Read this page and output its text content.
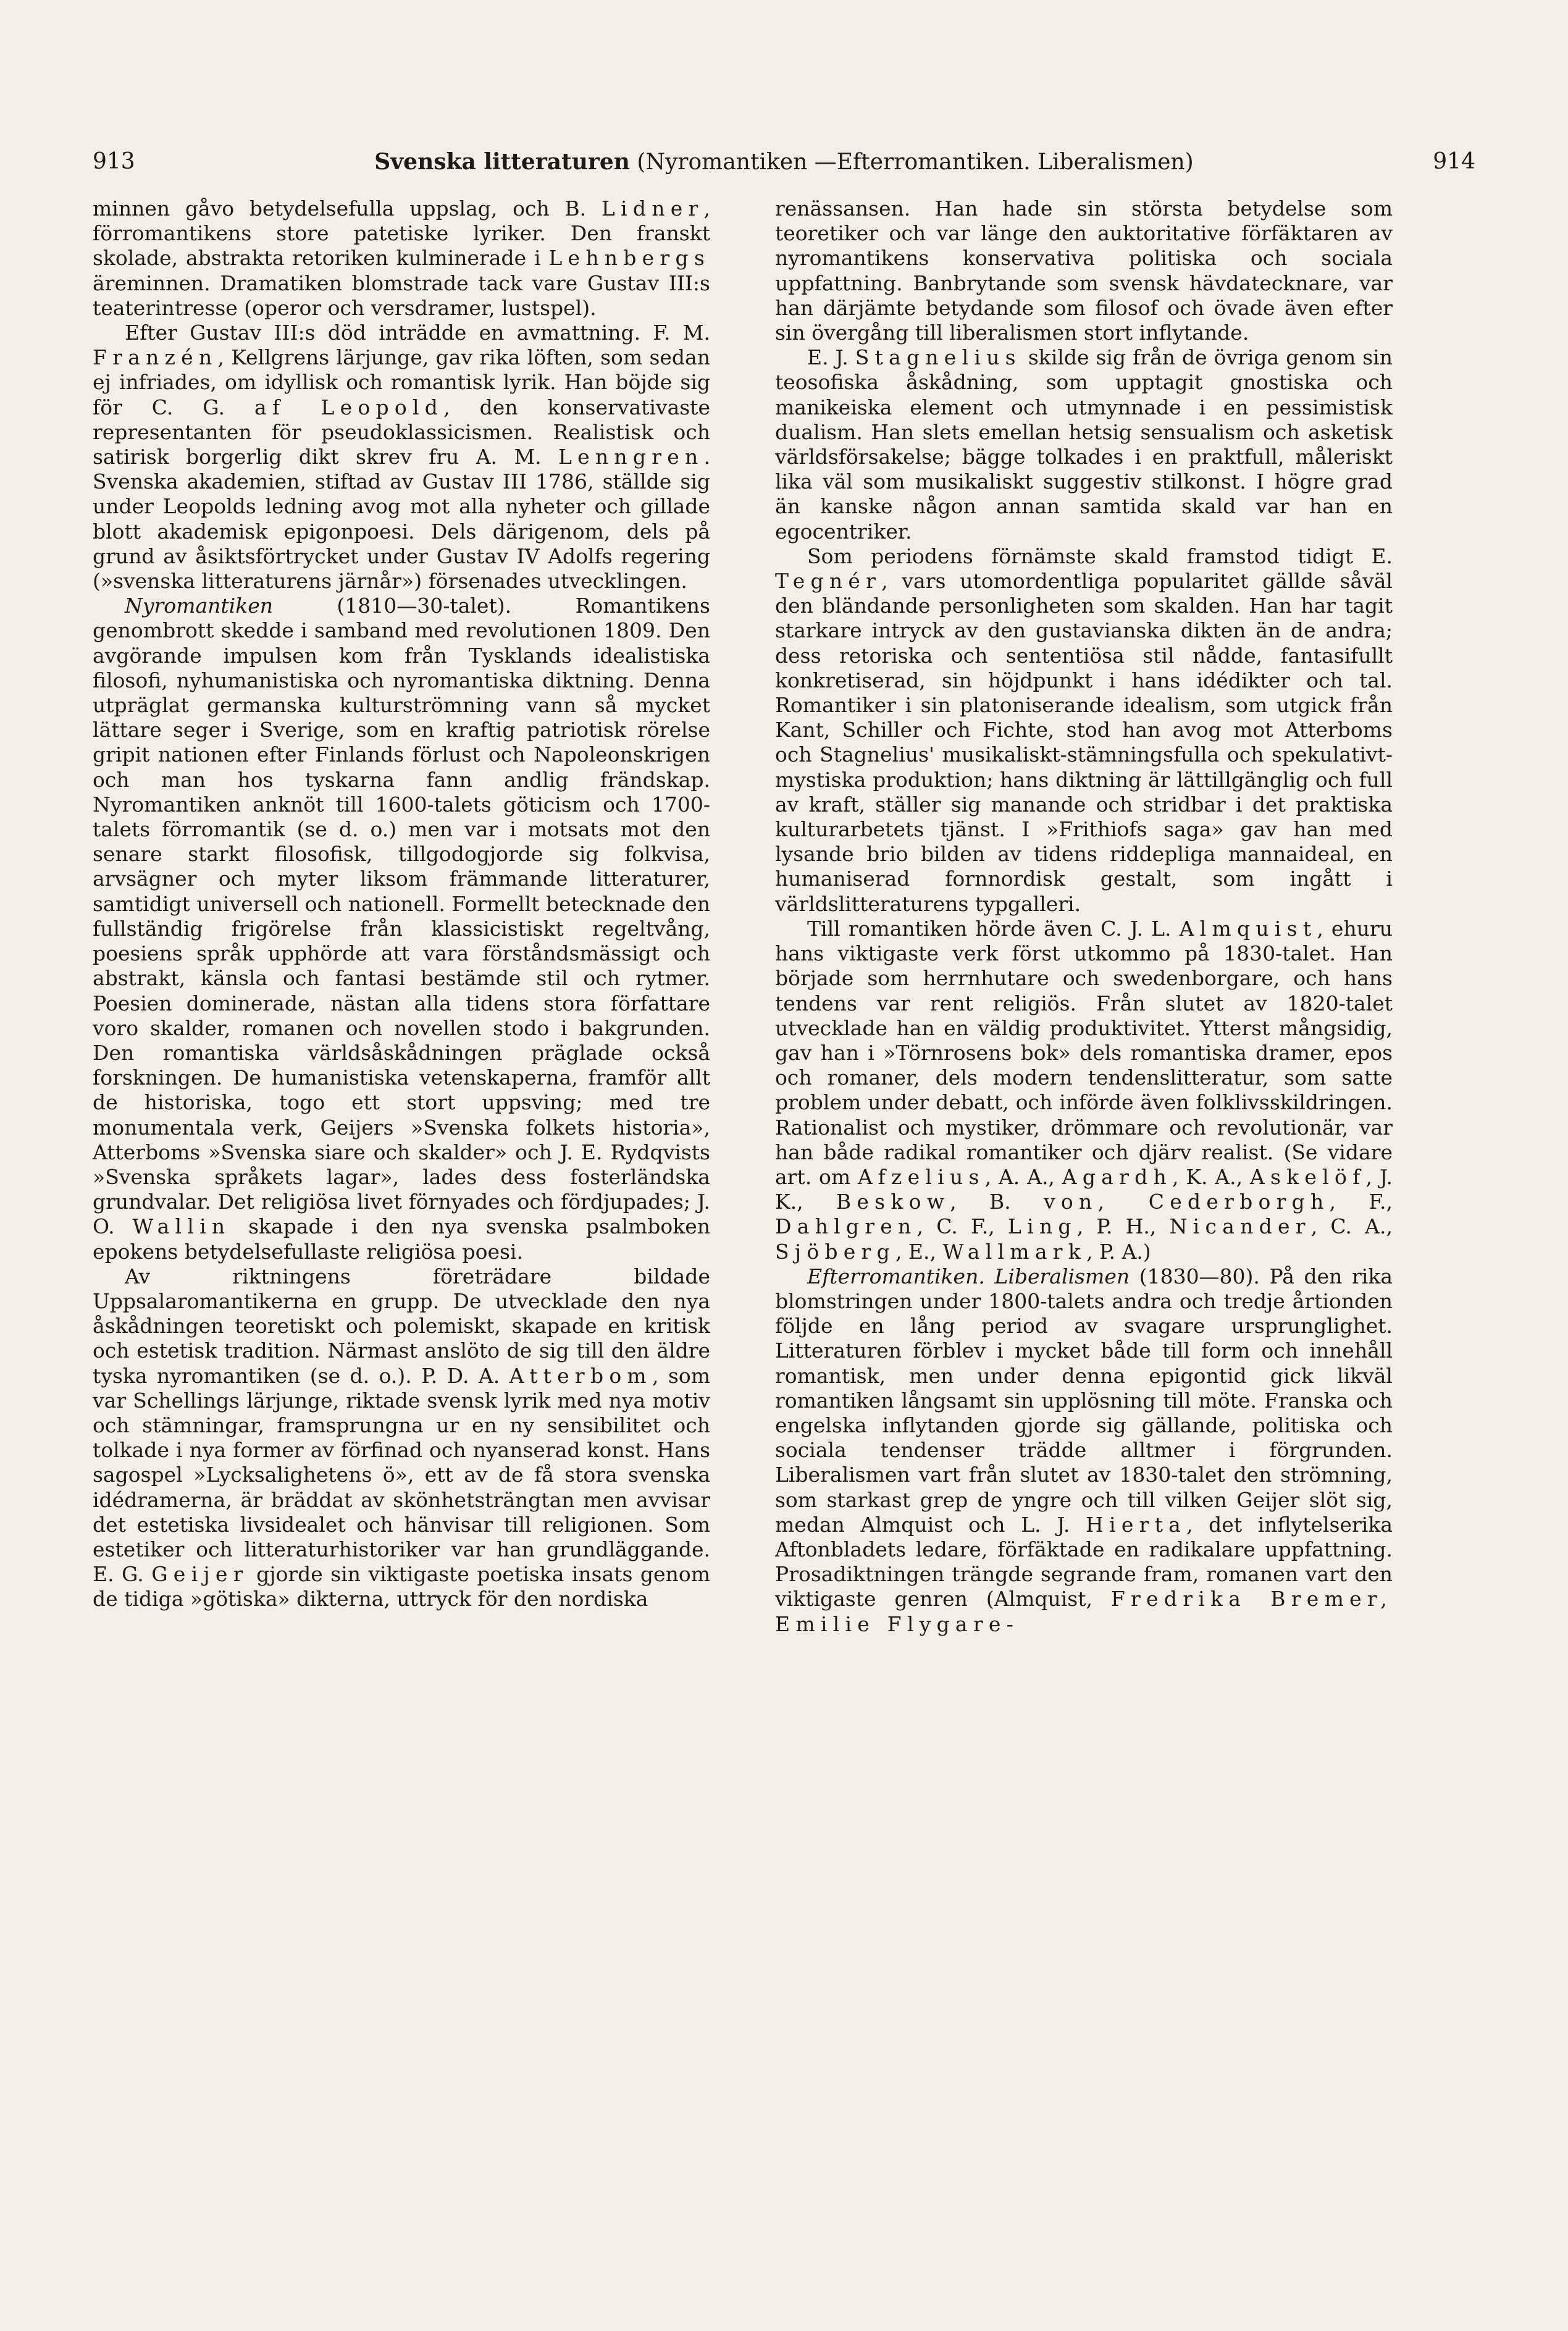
913	Svenska litteraturen (Nyromantiken —Efterromantiken. Liberalismen)	914

minnen gåvo betydelsefulla uppslag, och B. Lidner, förromantikens store patetiske lyriker. Den franskt skolade, abstrakta retoriken kulminerade i Lehnbergs äreminnen. Dramatiken blomstrade tack vare Gustav III:s teaterintresse (operor och versdramer, lustspel).

Efter Gustav III:s död inträdde en avmattning. F. M. Franzén, Kellgrens lärjunge, gav rika löften, som sedan ej infriades, om idyllisk och romantisk lyrik. Han böjde sig för C. G. af Leopold, den konservativaste representanten för pseudoklassicismen. Realistisk och satirisk borgerlig dikt skrev fru A. M. Lenngren. Svenska akademien, stiftad av Gustav III 1786, ställde sig under Leopolds ledning avog mot alla nyheter och gillade blott akademisk epigonpoesi. Dels därigenom, dels på grund av åsiktsförtrycket under Gustav IV Adolfs regering (»svenska litteraturens järnår») försenades utvecklingen.

Nyromantiken (1810—30-talet). Romantikens genombrott skedde i samband med revolutionen 1809. Den avgörande impulsen kom från Tysklands idealistiska filosofi, nyhumanistiska och nyromantiska diktning. Denna utpräglat germanska kulturströmning vann så mycket lättare seger i Sverige, som en kraftig patriotisk rörelse gripit nationen efter Finlands förlust och Napoleonskrigen och man hos tyskarna fann andlig frändskap. Nyromantiken anknöt till 1600-talets göticism och 1700-talets förromantik (se d. o.) men var i motsats mot den senare starkt filosofisk, tillgodogjorde sig folkvisa, arvsägner och myter liksom främmande litteraturer, samtidigt universell och nationell. Formellt betecknade den fullständig frigörelse från klassicistiskt regeltvång, poesiens språk upphörde att vara förståndsmässigt och abstrakt, känsla och fantasi bestämde stil och rytmer. Poesien dominerade, nästan alla tidens stora författare voro skalder, romanen och novellen stodo i bakgrunden. Den romantiska världsåskådningen präglade också forskningen. De humanistiska vetenskaperna, framför allt de historiska, togo ett stort uppsving; med tre monumentala verk, Geijers »Svenska folkets historia», Atterboms »Svenska siare och skalder» och J. E. Rydqvists »Svenska språkets lagar», lades dess fosterländska grundvalar. Det religiösa livet förnyades och fördjupades; J. O. Wallin skapade i den nya svenska psalmboken epokens betydelsefullaste religiösa poesi.

Av riktningens företrädare bildade Uppsalaromantikerna en grupp. De utvecklade den nya åskådningen teoretiskt och polemiskt, skapade en kritisk och estetisk tradition. Närmast anslöto de sig till den äldre tyska nyromantiken (se d. o.). P. D. A. Atterbom, som var Schellings lärjunge, riktade svensk lyrik med nya motiv och stämningar, framsprungna ur en ny sensibilitet och tolkade i nya former av förfinad och nyanserad konst. Hans sagospel »Lycksalighetens ö», ett av de få stora svenska idédramerna, är bräddat av skönhetsträngtan men avvisar det estetiska livsidealet och hänvisar till religionen. Som estetiker och litteraturhistoriker var han grundläggande. E. G. Geijer gjorde sin viktigaste poetiska insats genom de tidiga »götiska» dikterna, uttryck för den nordiska

renässansen. Han hade sin största betydelse som teoretiker och var länge den auktoritative förfäktaren av nyromantikens konservativa politiska och sociala uppfattning. Banbrytande som svensk hävdatecknare, var han därjämte betydande som filosof och övade även efter sin övergång till liberalismen stort inflytande.

E. J. Stagnelius skilde sig från de övriga genom sin teosofiska åskådning, som upptagit gnostiska och manikeiska element och utmynnade i en pessimistisk dualism. Han slets emellan hetsig sensualism och asketisk världsförsakelse; bägge tolkades i en praktfull, måleriskt lika väl som musikaliskt suggestiv stilkonst. I högre grad än kanske någon annan samtida skald var han en egocentriker.

Som periodens förnämste skald framstod tidigt E. Tegnér, vars utomordentliga popularitet gällde såväl den bländande personligheten som skalden. Han har tagit starkare intryck av den gustavianska dikten än de andra; dess retoriska och sententiösa stil nådde, fantasifullt konkretiserad, sin höjdpunkt i hans idédikter och tal. Romantiker i sin platoniserande idealism, som utgick från Kant, Schiller och Fichte, stod han avog mot Atterboms och Stagnelius' musikaliskt-stämningsfulla och spekulativt-mystiska produktion; hans diktning är lättillgänglig och full av kraft, ställer sig manande och stridbar i det praktiska kulturarbetets tjänst. I »Frithiofs saga» gav han med lysande brio bilden av tidens riddерliga mannaideal, en humaniserad fornnordisk gestalt, som ingått i världslitteraturens typgalleri.

Till romantiken hörde även C. J. L. Almquist, ehuru hans viktigaste verk först utkommo på 1830-talet. Han började som herrnhutare och swedenborgare, och hans tendens var rent religiös. Från slutet av 1820-talet utvecklade han en väldig produktivitet. Ytterst mångsidig, gav han i »Törnrosens bok» dels romantiska dramer, epos och romaner, dels modern tendenslitteratur, som satte problem under debatt, och införde även folklivsskildringen. Rationalist och mystiker, drömmare och revolutionär, var han både radikal romantiker och djärv realist. (Se vidare art. om Afzelius, A. A., Agardh, K. A., Askelöf, J. K., Beskow, B. von, Cederborgh, F., Dahlgren, C. F., Ling, P. H., Nicander, C. A., Sjöberg, E., Wallmark, P. A.)

Efterromantiken. Liberalismen (1830—80). På den rika blomstringen under 1800-talets andra och tredje årtionden följde en lång period av svagare ursprunglighet. Litteraturen förblev i mycket både till form och innehåll romantisk, men under denna epigontid gick likväl romantiken långsamt sin upplösning till möte. Franska och engelska inflytanden gjorde sig gällande, politiska och sociala tendenser trädde alltmer i förgrunden. Liberalismen vart från slutet av 1830-talet den strömning, som starkast grep de yngre och till vilken Geijer slöt sig, medan Almquist och L. J. Hierta, det inflytelserika Aftonbladets ledare, förfäktade en radikalare uppfattning. Prosadiktningen trängde segrande fram, romanen vart den viktigaste genren (Almquist, Fredrika Bremer, Emilie Flygare-
